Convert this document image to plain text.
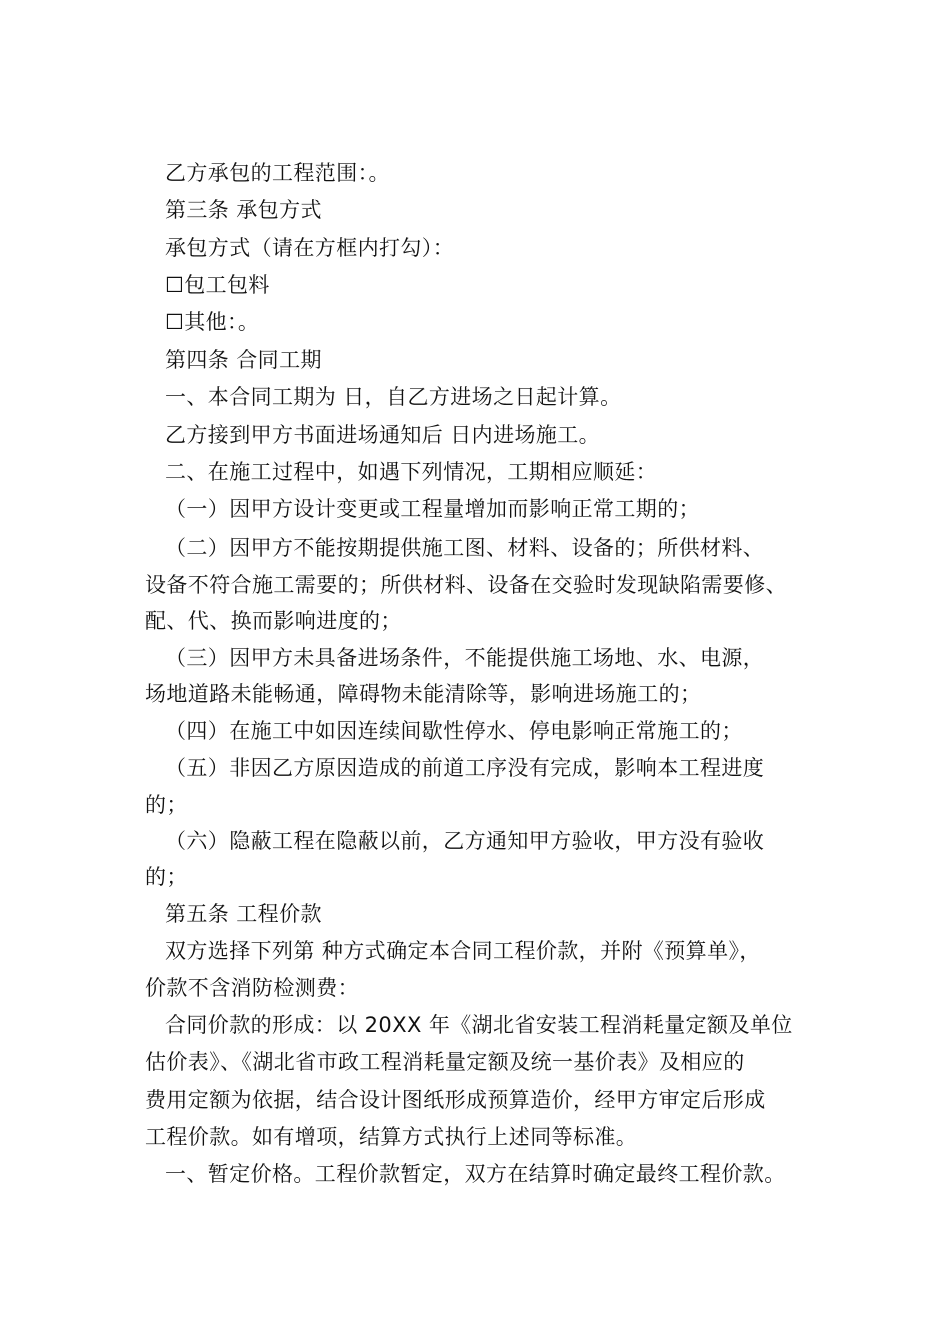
乙方承包的工程范围：。
第三条 承包方式
承包方式（请在方框内打勾）：
☐包工包料
☐其他：。
第四条 合同工期
一、本合同工期为 日，自乙方进场之日起计算。
乙方接到甲方书面进场通知后 日内进场施工。
二、在施工过程中，如遇下列情况，工期相应顺延：
（一）因甲方设计变更或工程量增加而影响正常工期的；
（二）因甲方不能按期提供施工图、材料、设备的；所供材料、
设备不符合施工需要的；所供材料、设备在交验时发现缺陷需要修、
配、代、换而影响进度的；
（三）因甲方未具备进场条件，不能提供施工场地、水、电源，
场地道路未能畅通，障碍物未能清除等，影响进场施工的；
（四）在施工中如因连续间歇性停水、停电影响正常施工的；
（五）非因乙方原因造成的前道工序没有完成，影响本工程进度
的；
（六）隐蔽工程在隐蔽以前，乙方通知甲方验收，甲方没有验收
的；
第五条 工程价款
双方选择下列第 种方式确定本合同工程价款，并附《预算单》，
价款不含消防检测费：
合同价款的形成：以 20XX 年《湖北省安装工程消耗量定额及单位
估价表》、《湖北省市政工程消耗量定额及统一基价表》及相应的
费用定额为依据，结合设计图纸形成预算造价，经甲方审定后形成
工程价款。如有增项，结算方式执行上述同等标准。
一、暂定价格。工程价款暂定，双方在结算时确定最终工程价款。
